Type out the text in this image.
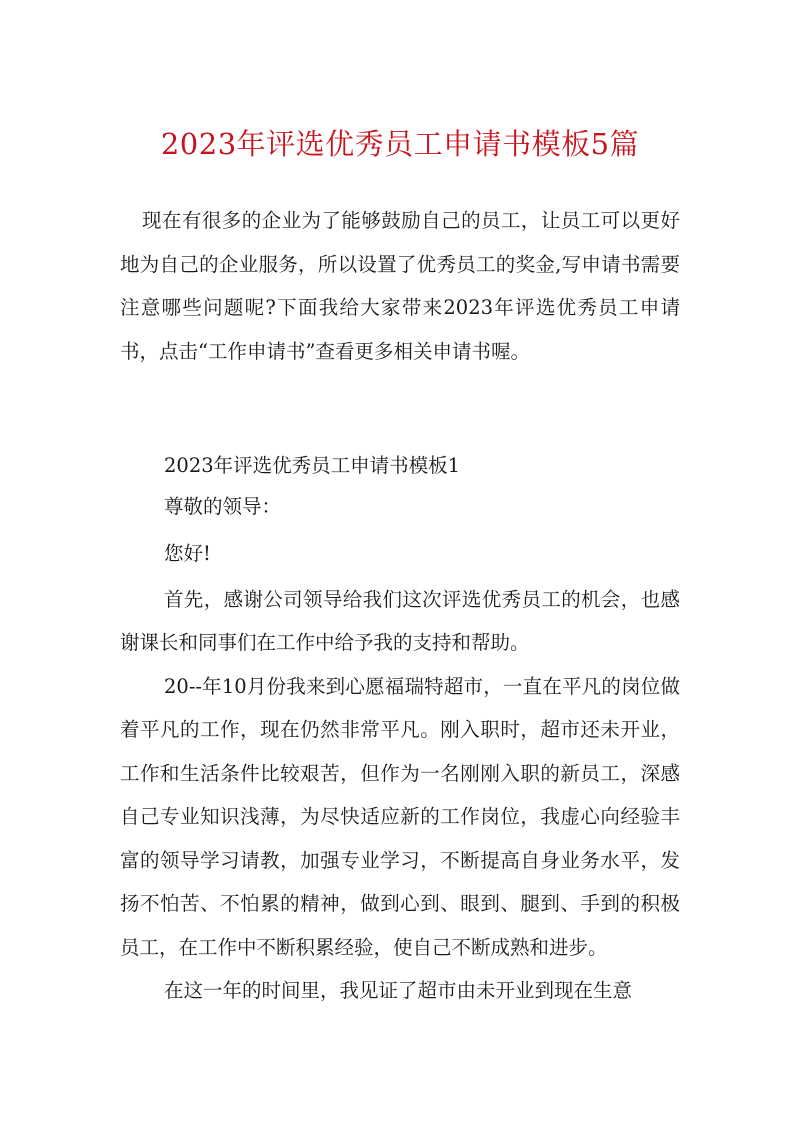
2023年评选优秀员工申请书模板5篇
现在有很多的企业为了能够鼓励自己的员工，让员工可以更好地为自己的企业服务，所以设置了优秀员工的奖金,写申请书需要注意哪些问题呢?下面我给大家带来2023年评选优秀员工申请书，点击“工作申请书”查看更多相关申请书喔。
2023年评选优秀员工申请书模板1

尊敬的领导：

您好!

首先，感谢公司领导给我们这次评选优秀员工的机会，也感谢课长和同事们在工作中给予我的支持和帮助。

20--年10月份我来到心愿福瑞特超市，一直在平凡的岗位做着平凡的工作，现在仍然非常平凡。刚入职时，超市还未开业，工作和生活条件比较艰苦，但作为一名刚刚入职的新员工，深感自己专业知识浅薄，为尽快适应新的工作岗位，我虚心向经验丰富的领导学习请教，加强专业学习，不断提高自身业务水平，发扬不怕苦、不怕累的精神，做到心到、眼到、腿到、手到的积极员工，在工作中不断积累经验，使自己不断成熟和进步。

在这一年的时间里，我见证了超市由未开业到现在生意
